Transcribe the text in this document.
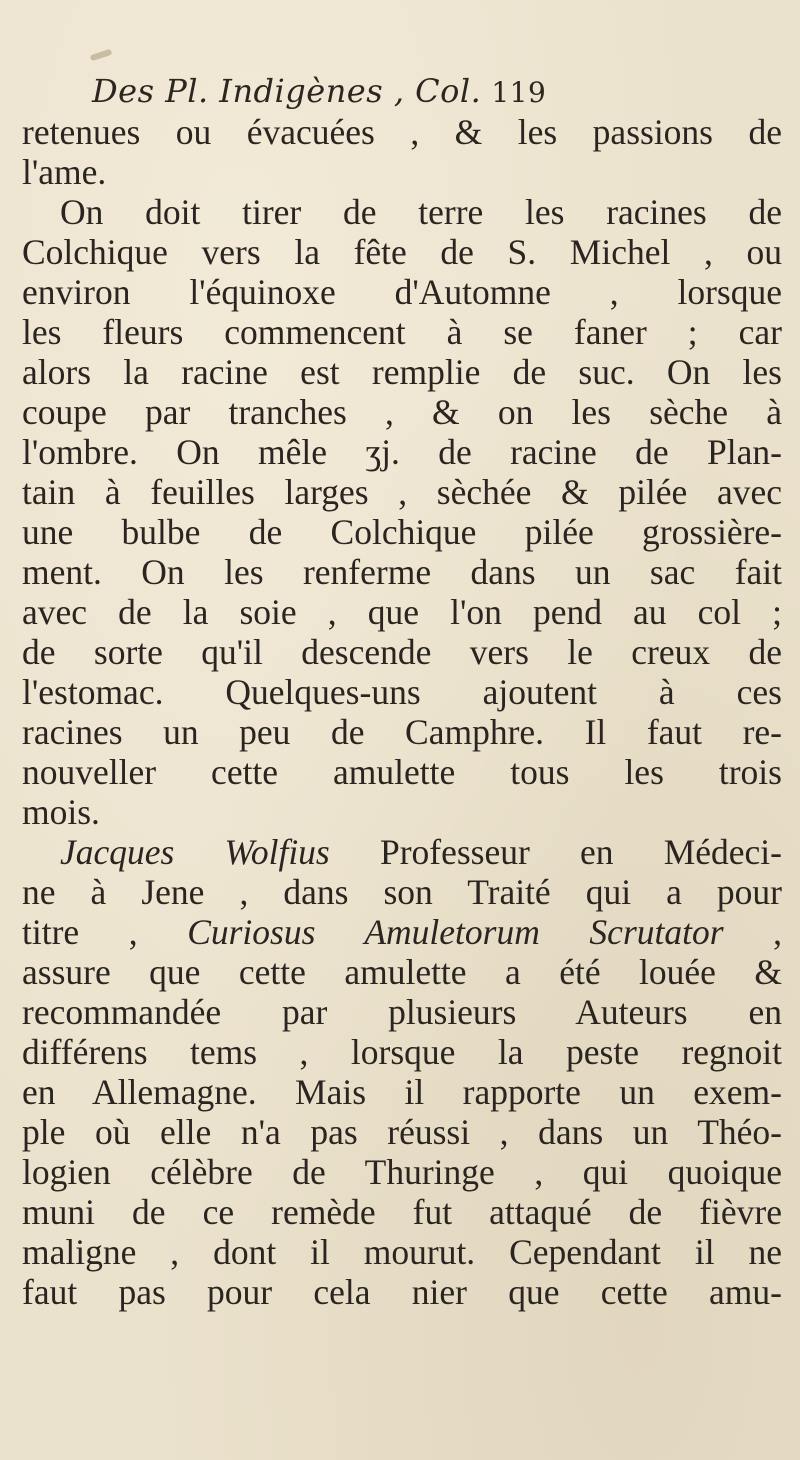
Des Pl. Indigènes , Col. 119
retenues ou évacuées , & les passions de
l'ame.
On doit tirer de terre les racines de
Colchique vers la fête de S. Michel , ou
environ l'équinoxe d'Automne , lorsque
les fleurs commencent à se faner ; car
alors la racine est remplie de suc. On les
coupe par tranches , & on les sèche à
l'ombre. On mêle ʒj. de racine de Plan-
tain à feuilles larges , sèchée & pilée avec
une bulbe de Colchique pilée grossière-
ment. On les renferme dans un sac fait
avec de la soie , que l'on pend au col ;
de sorte qu'il descende vers le creux de
l'estomac. Quelques-uns ajoutent à ces
racines un peu de Camphre. Il faut re-
nouveller cette amulette tous les trois
mois.
Jacques Wolfius Professeur en Médeci-
ne à Jene , dans son Traité qui a pour
titre , Curiosus Amuletorum Scrutator ,
assure que cette amulette a été louée &
recommandée par plusieurs Auteurs en
différens tems , lorsque la peste regnoit
en Allemagne. Mais il rapporte un exem-
ple où elle n'a pas réussi , dans un Théo-
logien célèbre de Thuringe , qui quoique
muni de ce remède fut attaqué de fièvre
maligne , dont il mourut. Cependant il ne
faut pas pour cela nier que cette amu-
